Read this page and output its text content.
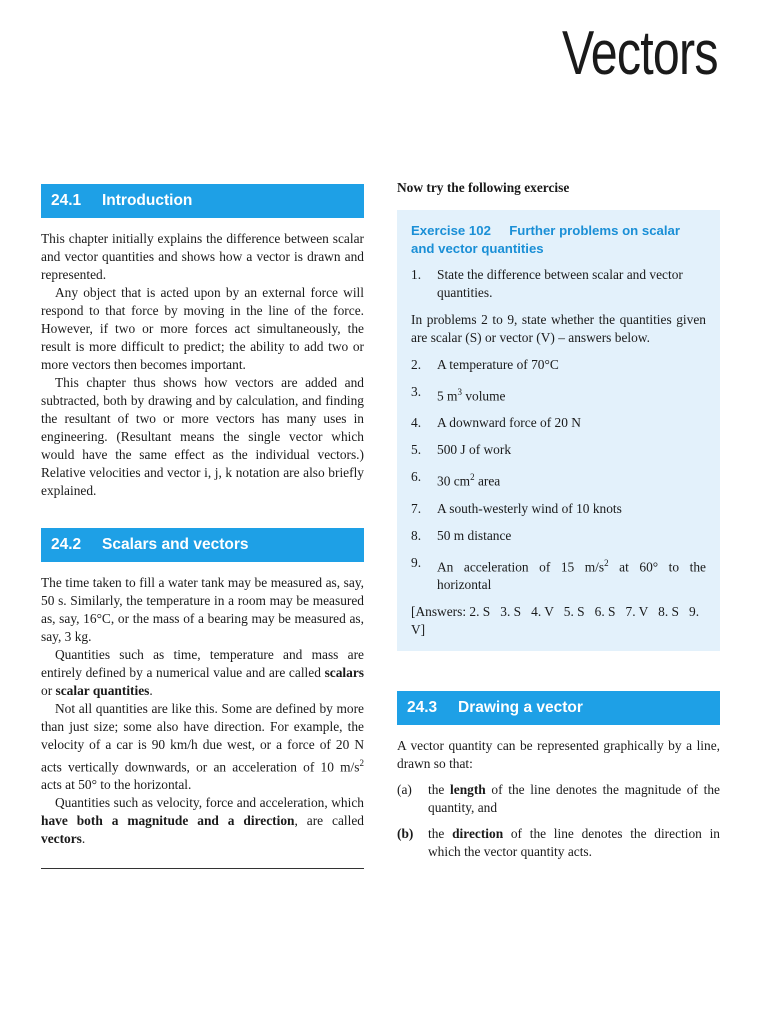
Vectors
24.1 Introduction

This chapter initially explains the difference between scalar and vector quantities and shows how a vector is drawn and represented.

Any object that is acted upon by an external force will respond to that force by moving in the line of the force. However, if two or more forces act simultaneously, the result is more difficult to predict; the ability to add two or more vectors then becomes important.

This chapter thus shows how vectors are added and subtracted, both by drawing and by calculation, and finding the resultant of two or more vectors has many uses in engineering. (Resultant means the single vector which would have the same effect as the individual vectors.) Relative velocities and vector i, j, k notation are also briefly explained.

24.2 Scalars and vectors

The time taken to fill a water tank may be measured as, say, 50 s. Similarly, the temperature in a room may be measured as, say, 16°C, or the mass of a bearing may be measured as, say, 3 kg.

Quantities such as time, temperature and mass are entirely defined by a numerical value and are called scalars or scalar quantities.

Not all quantities are like this. Some are defined by more than just size; some also have direction. For example, the velocity of a car is 90 km/h due west, or a force of 20 N acts vertically downwards, or an acceleration of 10 $m/s^2$ acts at 50° to the horizontal.

Quantities such as velocity, force and acceleration, which have both a magnitude and a direction, are called vectors.

Now try the following exercise

Exercise 102     Further problems on scalar
and vector quantities
1. State the difference between scalar and vector quantities.

In problems 2 to 9, state whether the quantities given are scalar (S) or vector (V) – answers below.

2. A temperature of 70°C
3. 5 $m^3$ volume
4. A downward force of 20 N
5. 500 J of work
6. 30 $cm^2$ area
7. A south-westerly wind of 10 knots
8. 50 m distance
9. An acceleration of 15 $m/s^2$ at 60° to the horizontal

[Answers: 2. S   3. S   4. V   5. S   6. S   7. V   8. S   9. V]

24.3 Drawing a vector

A vector quantity can be represented graphically by a line, drawn so that:

(a) the length of the line denotes the magnitude of the quantity, and
(b) the direction of the line denotes the direction in which the vector quantity acts.
